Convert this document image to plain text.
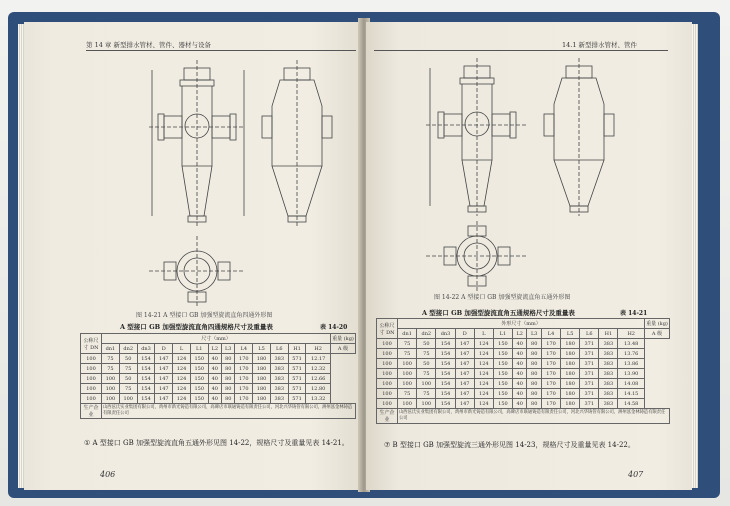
第 14 章 新型排水管材、管件、器材与设备
图 14-21 A 型接口 GB 加强型旋流直角四通外形图
A 型接口 GB 加强型旋流直角四通规格尺寸及重量表	表 14-20
公称尺寸 DN	尺寸（mm）													重量 (kg)
	dn1	dn2	dn3	D	L	L1	L2	L3	L4	L5	L6	H1	H2	A 级
100	75	50	154	147	124	150	40	80	170	180	383	571	12.17	
100	75	75	154	147	124	150	40	80	170	180	383	571	12.32	
100	100	50	154	147	124	150	40	80	170	180	383	571	12.66	
100	100	75	154	147	124	150	40	80	170	180	383	571	12.80	
100	100	100	154	147	124	150	40	80	170	180	383	571	13.32	
生产企业	山西泫氏实业集团有限公司，禹州市新光铸造有限公司，高碑店市联通铸造有限责任公司，河北兴华铸管有限公司，洲州泓金林铸造有限责任公司													
① A 型接口 GB 加强型旋流直角五通外形见图 14-22，规格尺寸及重量见表 14-21。
406
14.1 新型排水管材、管件
图 14-22 A 型接口 GB 加强型旋流直角五通外形图
A 型接口 GB 加强型旋流直角五通规格尺寸及重量表	表 14-21
公称尺寸 DN	外形尺寸（mm）													重量 (kg)
	dn1	dn2	dn3	D	L	L1	L2	L3	L4	L5	L6	H1	H2	A 级
100	75	50	154	147	124	150	40	80	170	180	371	383	13.48	
100	75	75	154	147	124	150	40	80	170	180	371	383	13.76	
100	100	50	154	147	124	150	40	80	170	180	371	383	13.86	
100	100	75	154	147	124	150	40	80	170	180	371	383	13.90	
100	100	100	154	147	124	150	40	80	170	180	371	383	14.08	
100	75	75	154	147	124	150	40	80	170	180	371	383	14.15	
100	100	100	154	147	124	150	40	80	170	180	371	383	14.58	
生产企业	山西泫氏实业集团有限公司，禹州市新光铸造有限公司，高碑店市联通铸造有限责任公司，河北兴华铸管有限公司，洲州泓金林铸造有限责任公司													
⑦ B 型接口 GB 加强型旋流三通外形见图 14-23，规格尺寸及重量见表 14-22。
407
